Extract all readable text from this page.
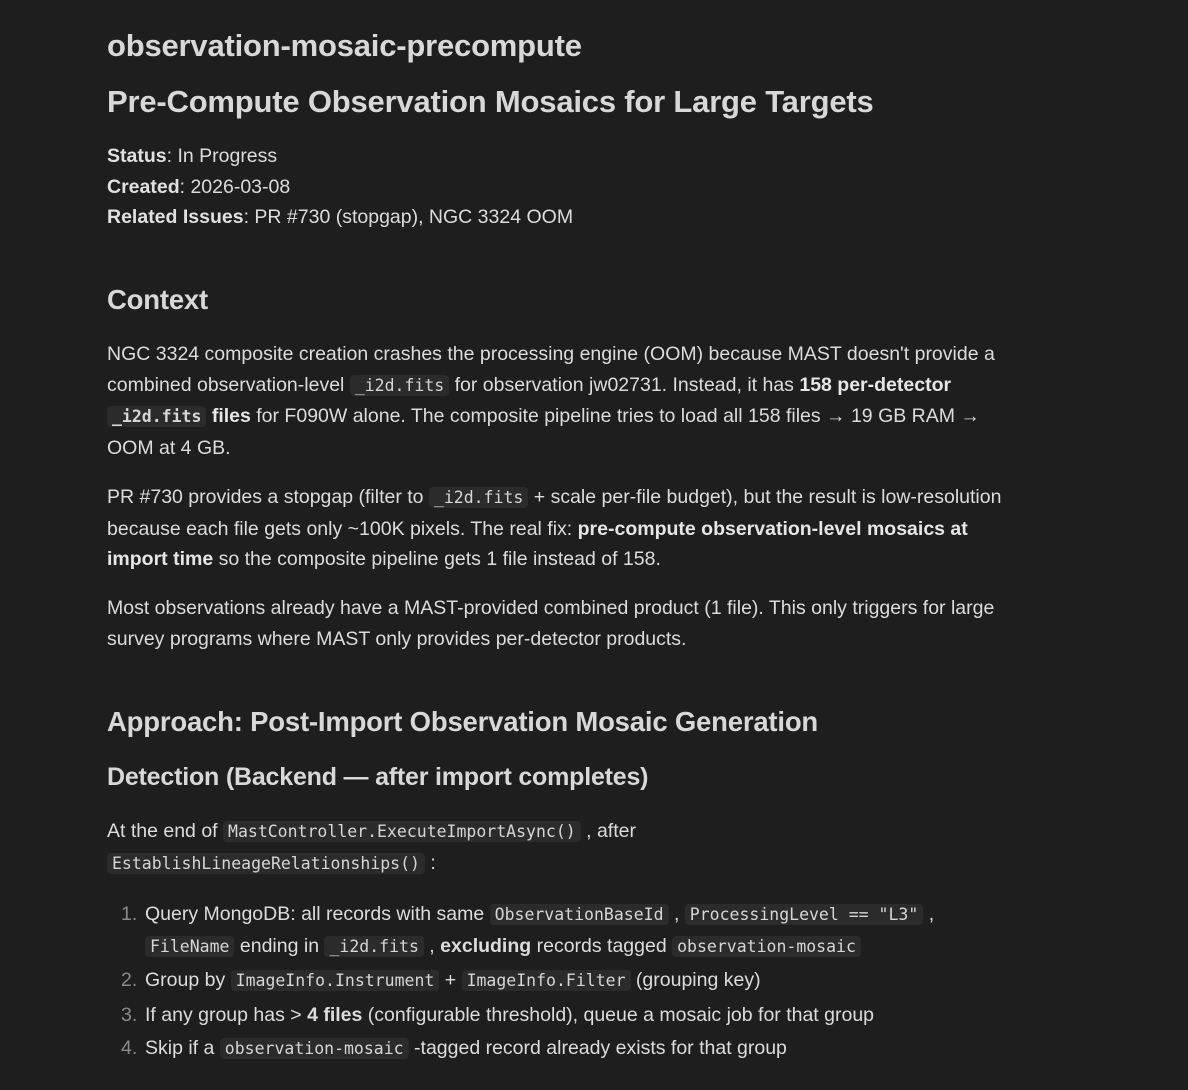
observation-mosaic-precompute
Pre-Compute Observation Mosaics for Large Targets
Status: In Progress
Created: 2026-03-08
Related Issues: PR #730 (stopgap), NGC 3324 OOM
Context

NGC 3324 composite creation crashes the processing engine (OOM) because MAST doesn't provide a combined observation-level _i2d.fits for observation jw02731. Instead, it has 158 per-detector _i2d.fits files for F090W alone. The composite pipeline tries to load all 158 files → 19 GB RAM → OOM at 4 GB.

PR #730 provides a stopgap (filter to _i2d.fits + scale per-file budget), but the result is low-resolution because each file gets only ~100K pixels. The real fix: pre-compute observation-level mosaics at import time so the composite pipeline gets 1 file instead of 158.

Most observations already have a MAST-provided combined product (1 file). This only triggers for large survey programs where MAST only provides per-detector products.

Approach: Post-Import Observation Mosaic Generation
Detection (Backend — after import completes)

At the end of MastController.ExecuteImportAsync() , after
EstablishLineageRelationships() :

1. Query MongoDB: all records with same ObservationBaseId , ProcessingLevel == "L3" ,
FileName ending in _i2d.fits , excluding records tagged observation-mosaic
2. Group by ImageInfo.Instrument + ImageInfo.Filter (grouping key)
3. If any group has > 4 files (configurable threshold), queue a mosaic job for that group
4. Skip if a observation-mosaic -tagged record already exists for that group
